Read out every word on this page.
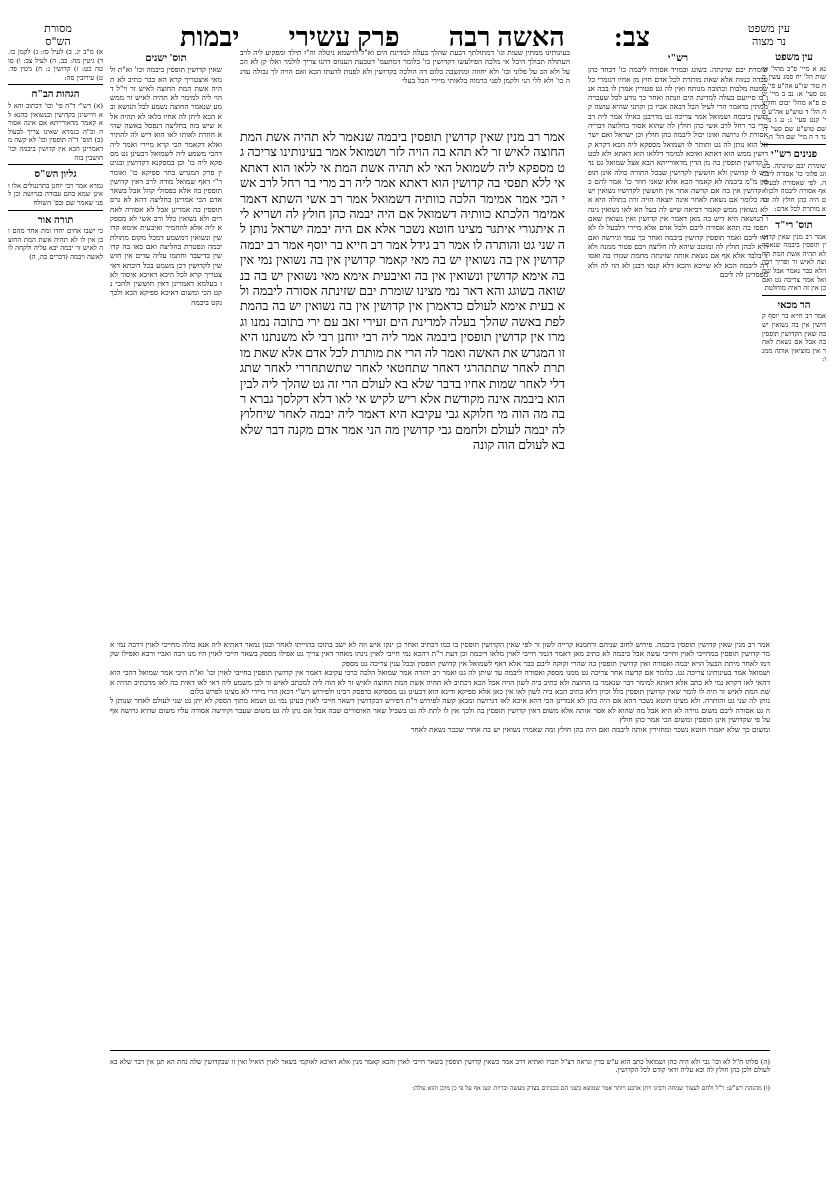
מסורת
הש"ס	צב:
האשה רבה
פרק עשירי
יבמות	עין משפט
נר מצוה
עין משפט

נא א מיי' פ"ב מהל' אישות הל' יח סמג עשין מח טור שו"ע אה"ע סי' קנט סעי' א: נב ב מיי' שם פ"א מהל' יבום וחליצה הל' ד טוש"ע אה"ע סי' קנט סעי' ג: נג ג מיי' שם טוש"ע שם סעי' ד: נד ד ה מיי' שם הל' ה:

פנינים רש"י

שומרת יבם שזינתה. בשוגג פלוני כו' אסורה ליבמה. לפי שאסורה לבעלה אף אסורה ליבמה ולכן אם היה כהן חולץ לה והיא מותרת לכל אדם:

תוס' רי"ד

אמר רב מנין שאין קדושין תופסין ביבמה שנאמר לא תהיה אשת המת החוצה לאיש זר ופריך רבה הלא כבר נאמר אבל שמואל אמר צריכה גט ואם כן אין זה ראיה מוחלטת

הר מכאי

אמר רב חייא בר יוסף קדושין אין בה נשואין יש בה שאין הקדושין תופסין בה אבל אם נשאת לאחר אין מוציאין אותה ממנו:

רש"י

שומרת יבם שזינתה. בשוגג ובמזיד אסורה ליבמה כו' דבחד כהן עבדה כנזות אלא שאת מותרת לכל אדם חוץ מן אחיו דגומרי כל שמטה מלכות וכתובה מנותח ואין לה גט פטורין אמרן לו בכה אנו בו סייועם בעלה למדינת הים וזנתה ואחר כך נודע לכל שעברה ממתין כדאמר הרי לעיל הבל דבאה אביו כן וקתני שהיא עושה קדושין ביבמה ושמואל אמר צריכה גט מדרבנן כאילו אמר ליה רב מרי בר רחל לרב אשי כהן חולץ לה שהוא אסור בחלוצה דבריה אסורת לו גרושה ואינו יכול ליבמה כהן חולץ וכן ישראל ואם ישראל הוא נותן לה גט ותותר לו ושמואל מספקא ליה הכא דקרא קדושין ממש הוא דאתא ואיכא למימר דללאו הוא דאתא ולא לבטל קדושין תופסין בה מן הדין מדאורייתא הבא אצל שמואל גט נדרש לו קדושין ולא חוששין לקדושין שבכל התורה כולה אינן תופסין מ"מ ביבמה לא קאמר הכא אלא שאני חוזר כו' אמר להם כו' קדושין אין בה אם קדשה אחר אין חוששין לקדושיו נשואין יש בה כלומר אם נשאת לאחר אינה יוצאה הויה זרה בתולה היא אלא נשואין ממש קאמר דביאה שיש לה בעל הא לאו נשואין נינהו הנושאה היא דיש בה מאן דאמר אין קדושין ואין נשואין שאם תפסו בה תהא אסורה ליבם ולכל אדם אלא מיירי דלבעל לו לא היו ליבם ואמר תופסין קדושין ביבמה ואחר כך עמד וגירשה ואם היא לכהן חולץ לה ומוטב שיהא לה חליצה ויבם פטור ממנה ולא זו בלבד אלא אף אם נשאת אותה שזינתה מחמת שגזרו בה ואסורה ליבמה הכא לא שייכא והכא דלא קנסו רבנן לא הוו לה ולא מפסדינן לה ליבם

בעינותינו ממתין שעות וגו' דמתולתך דבעת שהלך בעלה למדינת הים וא"ל לדשמא ניטלה וה"ז תילד ומפקיע ליה לרב העתולה תבולך היכל אי מלכה הפילעשו דקדושין כו' כלומר דמתעמ' דטבעת הענווס דהנו צריך לולמר ואלו קן לא הכ על ולא הכ על פלוני ובו' ולא יחוזה ומתשבה כלום דה הולכה בקדושין ולא לפנות לדעתו הכא ואם הויה לך גבולה עדנה כו' ולא ללי הני ולקמן לפני כרמוה בלאותי מיירי הבל בעלי

אמר רב מנין שאין קדושין תופסין ביבמה שנאמר לא תהיה אשת המת החוצה לאיש זר לא תהא בה הויה לזר ושמואל אמר בעינותינו צריכה גט מספקא ליה לשמואל האי לא תהיה אשת המת אי ללאו הוא דאתא אי ללא תפסי בה קדושין הוא דאתא אמר ליה רב מרי בר רחל לרב אשי הכי אמר אמימר הלכה כוותיה דשמואל אמר רב אשי השתא דאמר אמימר הלכתא כוותיה דשמואל אם היה יבמה כהן חולץ לה ושריא ליה איתגורי איתגר מצינו חוטא נשכר אלא אם היה יבמה ישראל נותן לה שני גט והותרה לו אמר רב גידל אמר רב חייא בר יוסף אמר רב יבמה קדושין אין בה נשואין יש בה מאי קאמר קדושין אין בה נשואין נמי אין בה אימא קדושין ונשואין אין בה ואיבעית אימא מאי נשואין יש בה בנשואה בשוגג והא דאר נמי מצינו שומרת יבם שזינתה אסורה ליבמה ולא בעית אימא לעולם כדאמרן אין קדושין אין בה נשואין יש בה בהמתלפת באשה שהלך בעלה למדינת הים זעירי זאב עם ירי בתובה נמנו וגמרו אין קדושין תופסין ביבמה אמר ליה רבי יוחנן רבי לא משנתנו היא זו המגרש את האשה ואמר לה הרי את מותרת לכל אדם אלא שאת מותרת לאחר שתתהרגי דאחר שתחטאי לאחר שתשתחררי לאחר שתגדלי לאחר שמות אחיו בדבר שלא בא לעולם הרי זה גט שהלך ליה לבין הוא ביבמה אינה מקודשת אלא ריש לקיש אי לאו דלא דקלסך גברא רבה מה הוה מי חלוקא גבי עקיבא היא דאמר ליה יבמה לאחר שיחלוץ לה יבמה לעולם ולחמם גבי קדושין מה הני אמר אדם מקנה דבר שלא בא לעולם הוה קונה

תוס' ישנים

שאין קדושין תופסין ביבמה וכו' וא"ת ולמאי איצטריך קרא הא כבר כתיב לא תהיה אשת המת החוצה לאיש זר וי"ל דהוי ליה למימר לא תהיה לאיש זר ממשמע שנאמר החוצה נשמע לכל הנושא ובא הכא ליתן לה אחיו בלאו לא תהיה אלא שיש בזה בחליצה דנפסל באשה שהיא חוזרת לאותו לאו הוא דיש לה להתיר ואלא דקאמר הכי קרא מיירי ואמר ליה דהכי משמע ליה לשמואל דבעינן גט מספקא ליה כו' וכן במסקנא דקדושין ובגיטין פרק המגרש בתר ספיקא כו' ואומר ר"י דאף שמואל מודה לרב דאין קדושין תופסין בה אלא בפסולי קהל אבל בשאר אדם הכי אמרינן בחליצה דהא לא גרס תופסין בה אמרינן אבל לא אסורה לאחרים ולא נשואין כלל ורב אשי לא מספקא ליה אלא להחמיר ואיבעית אימא קדושין ונשואין דמשמע דמכל מקום מתולת יבמה ונפטרת בחליצה ואם באו בה קדושין בדיעבד וחתמו עליה עדים אין חוששין לקדושין דכן משמע בכל דוכתא דאיצטריך קרא לכל היכא דאיכא איסור לאו בעלמא דאמרינן דאין חוששין ולהכי נקט הכי ומשום דאיכא ספיקא הכא ולכך נקט ביבמה

א) מ"ב יג. ב) לעיל סז: ג) לקמן כז. ד) גיטין מה: כב. ה) לעיל צב: ו) סוטה כט: ז) קדושין נ: ח) גיטין פד. ט) עירובין סה:

הגהות הב"ח

(א) רש"י ד"ה פי' וכו' דכתוב והא לא חיישינן בקדושין ובנשואין כהנא לא קאמר מדאורייתא אם אינה אסורה וכ"ה בגמרא שאינו צריך לבעול (ב) תוס' ד"ה תופסין וכו' לא קשה מדאמרינן הכא אין קדושין ביבמה וכו' חושבין בזה

גליון הש"ס

גמרא אמר רבי יוחנן בתרנגולים אלו ואינן שמא בהם עבודה בגרושה וכן לפני שאמר שם ובפ' השולח

תורה אור

כי ישבו אחים יחדו ומת אחד מהם ובן אין לו לא תהיה אשת המת החוצה לאיש זר יבמה יבא עליה ולקחה לו לאשה ויבמה (דברים כה, ה)

אמר רב מנין שאין קדושין תופסין ביבמה. פירוש לחוב שניהם ורחמנא קרייה לשון זר לפי שאין הקדושין תופסין בו כמו דכתיב ואחר כן ינקו איש וזה לא ישב בתוכו בהוייתו לאחר וכגון גמאר דאתיא ליה אנא כולה מחייבי לאוין דרבה נמי אמר קדושין תופסין במחייבי לאוין וחייבי עשה אבל ביבמה לא כתיב מאן דאמר דגמר חייבי לאוין מלאו דיבמה וכן דעת ר"ת דהכא נמי חייבי לאוין נינהו מאחר דאין צריך גט אפילו מספק בשאר חייבי לאוין היו מנו רבה ואביי ורבא ואפילו שקדמו לאחר מיתת הבעל הויא יבמה ואסורה ואין קדושין תופסין בה שהרי זקוקה ליבם כבר אלא דאף לשמואל אין קדושין תופסין ובכל ענין צריכה גט מספק

ושמואל אמר בעינותינו צריכה גט. כלומר אם קדשה אחר צריכה גט ממנו מספק ואסורה ליבמה עד שיתן לה גט ואמר רב יהודה אמר שמואל הלכה כרבי עקיבא דאמר אין קדושין תופסין בחייבי לאוין וכו' וא"ת היכי אמר שמואל דהכי הוא דהאי לאו דקרא נמי לא כתב אלא דאתא למימר דבר שנאמר בו החוצה ולא כתיב ביה לשון הויה אבל הכא דכתיב לא תהיה אשת המת החוצה לאיש זר לא הוה ליה למכתב לאיש זר לכן משמע ליה דאי לאו דאית בה לאו מדכתיב תהיה אשת המת לאיש זר היה לו לומר שאין קדושין תופסין כלל וכיון דלא כתיב הכא ביה לשון לאו אין כאן אלא ספיקא ודינא הוא דבעינן גט מספיקא כדפסק רבינו ולפירוש רש"י דכאן הרי מיירי לא מצינו לפרש כלום

נותן לה שני גט והותרה. ולא מצינו חוטא נשכר דהא אם היה כהן לא אמרינן הכי דהא איכא לאו דגרושה ומכאן קשה לפירוש ר"ת דפירש דבקדושין דשאר חייבי לאוין בעינן נמי גט ושמא מתוך הספק לא יתן גט שני לעולם לאחר שנותן לה גט אסורה ליבם משום גזירה לא היא אבל מה שהוא לא אסר אותה אלא משום דאין קדושין תופסין בה ולכך אין לו לתת לה גט בשביל שאר האיסורים שבה אבל אם נתן לה גט משום שעבר וקידשה אסורה עליו משום שהיא גרושה אף על פי שקדושין אינן תופסין ומשום הכי אמר כהן חולץ

ומשום כך שלא יאמרו חוטא נשכר ומחזירין אותה ליבמה ואם היה כהן חולץ ומה שאמרו נשואין יש בה אחרי שכבר נשאת לאחר

(ה) סלתו ח"ל לא וכו' גבי ולא היה כהן ושמואל כתב הוא ע"ש בדין ונראה דצ"ל תכרו ואתיא דרב אמר כשאין קדושין תופסין בשאר חייבי לאוין והכא קאמר מנין אלא דאיכא לאוקמי בשאר לאוין הואיל ואין זו שבקדושין שלה נחת הא תנן אין דבר שלא בא לעולם ולכן כהן חולץ לה ובא עליה ודאי קודם לכל הקדושין.
(ו) מהגהת רש"ש: ר"ל ולחם לעצור שמחה ורבינו ויתן ארבע ויותר אמר שמוצא בשני הם ככנתים בצדק מעשה ובריות יגעו אף על פי כן מיכן והוא עולה:
